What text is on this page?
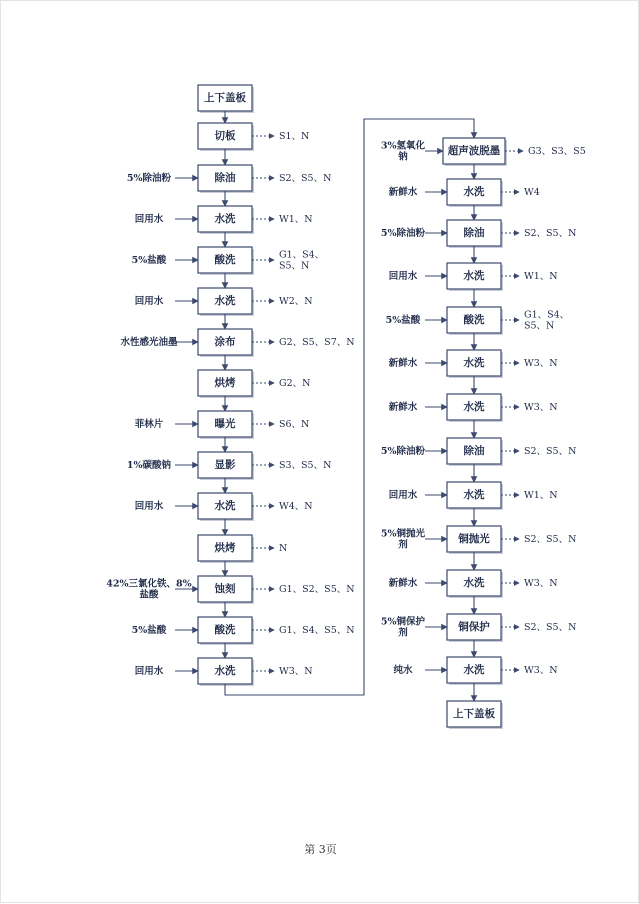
上下盖板
切板	S1、N
除油
5%除油粉	S2、S5、N
水洗
回用水	W1、N
酸洗
5%盐酸	G1、S4、 S5、N
水洗
回用水	W2、N
涂布
水性感光油墨	G2、S5、S7、N
烘烤	G2、N
曝光
菲林片	S6、N
显影
1%碳酸钠	S3、S5、N
水洗
回用水	W4、N
烘烤	N
蚀刻
42%三氯化铁、8%盐酸	G1、S2、S5、N
酸洗
5%盐酸	G1、S4、S5、N
水洗
回用水	W3、N
超声波脱墨
3%氢氧化钠	G3、S3、S5
水洗
新鲜水	W4
除油
5%除油粉	S2、S5、N
水洗
回用水	W1、N
酸洗
5%盐酸	G1、S4、 S5、N
水洗
新鲜水	W3、N
水洗
新鲜水	W3、N
除油
5%除油粉	S2、S5、N
水洗
回用水	W1、N
铜抛光
5%铜抛光剂	S2、S5、N
水洗
新鲜水	W3、N
铜保护
5%铜保护剂	S2、S5、N
水洗
纯水	W3、N
上下盖板
第 3页
